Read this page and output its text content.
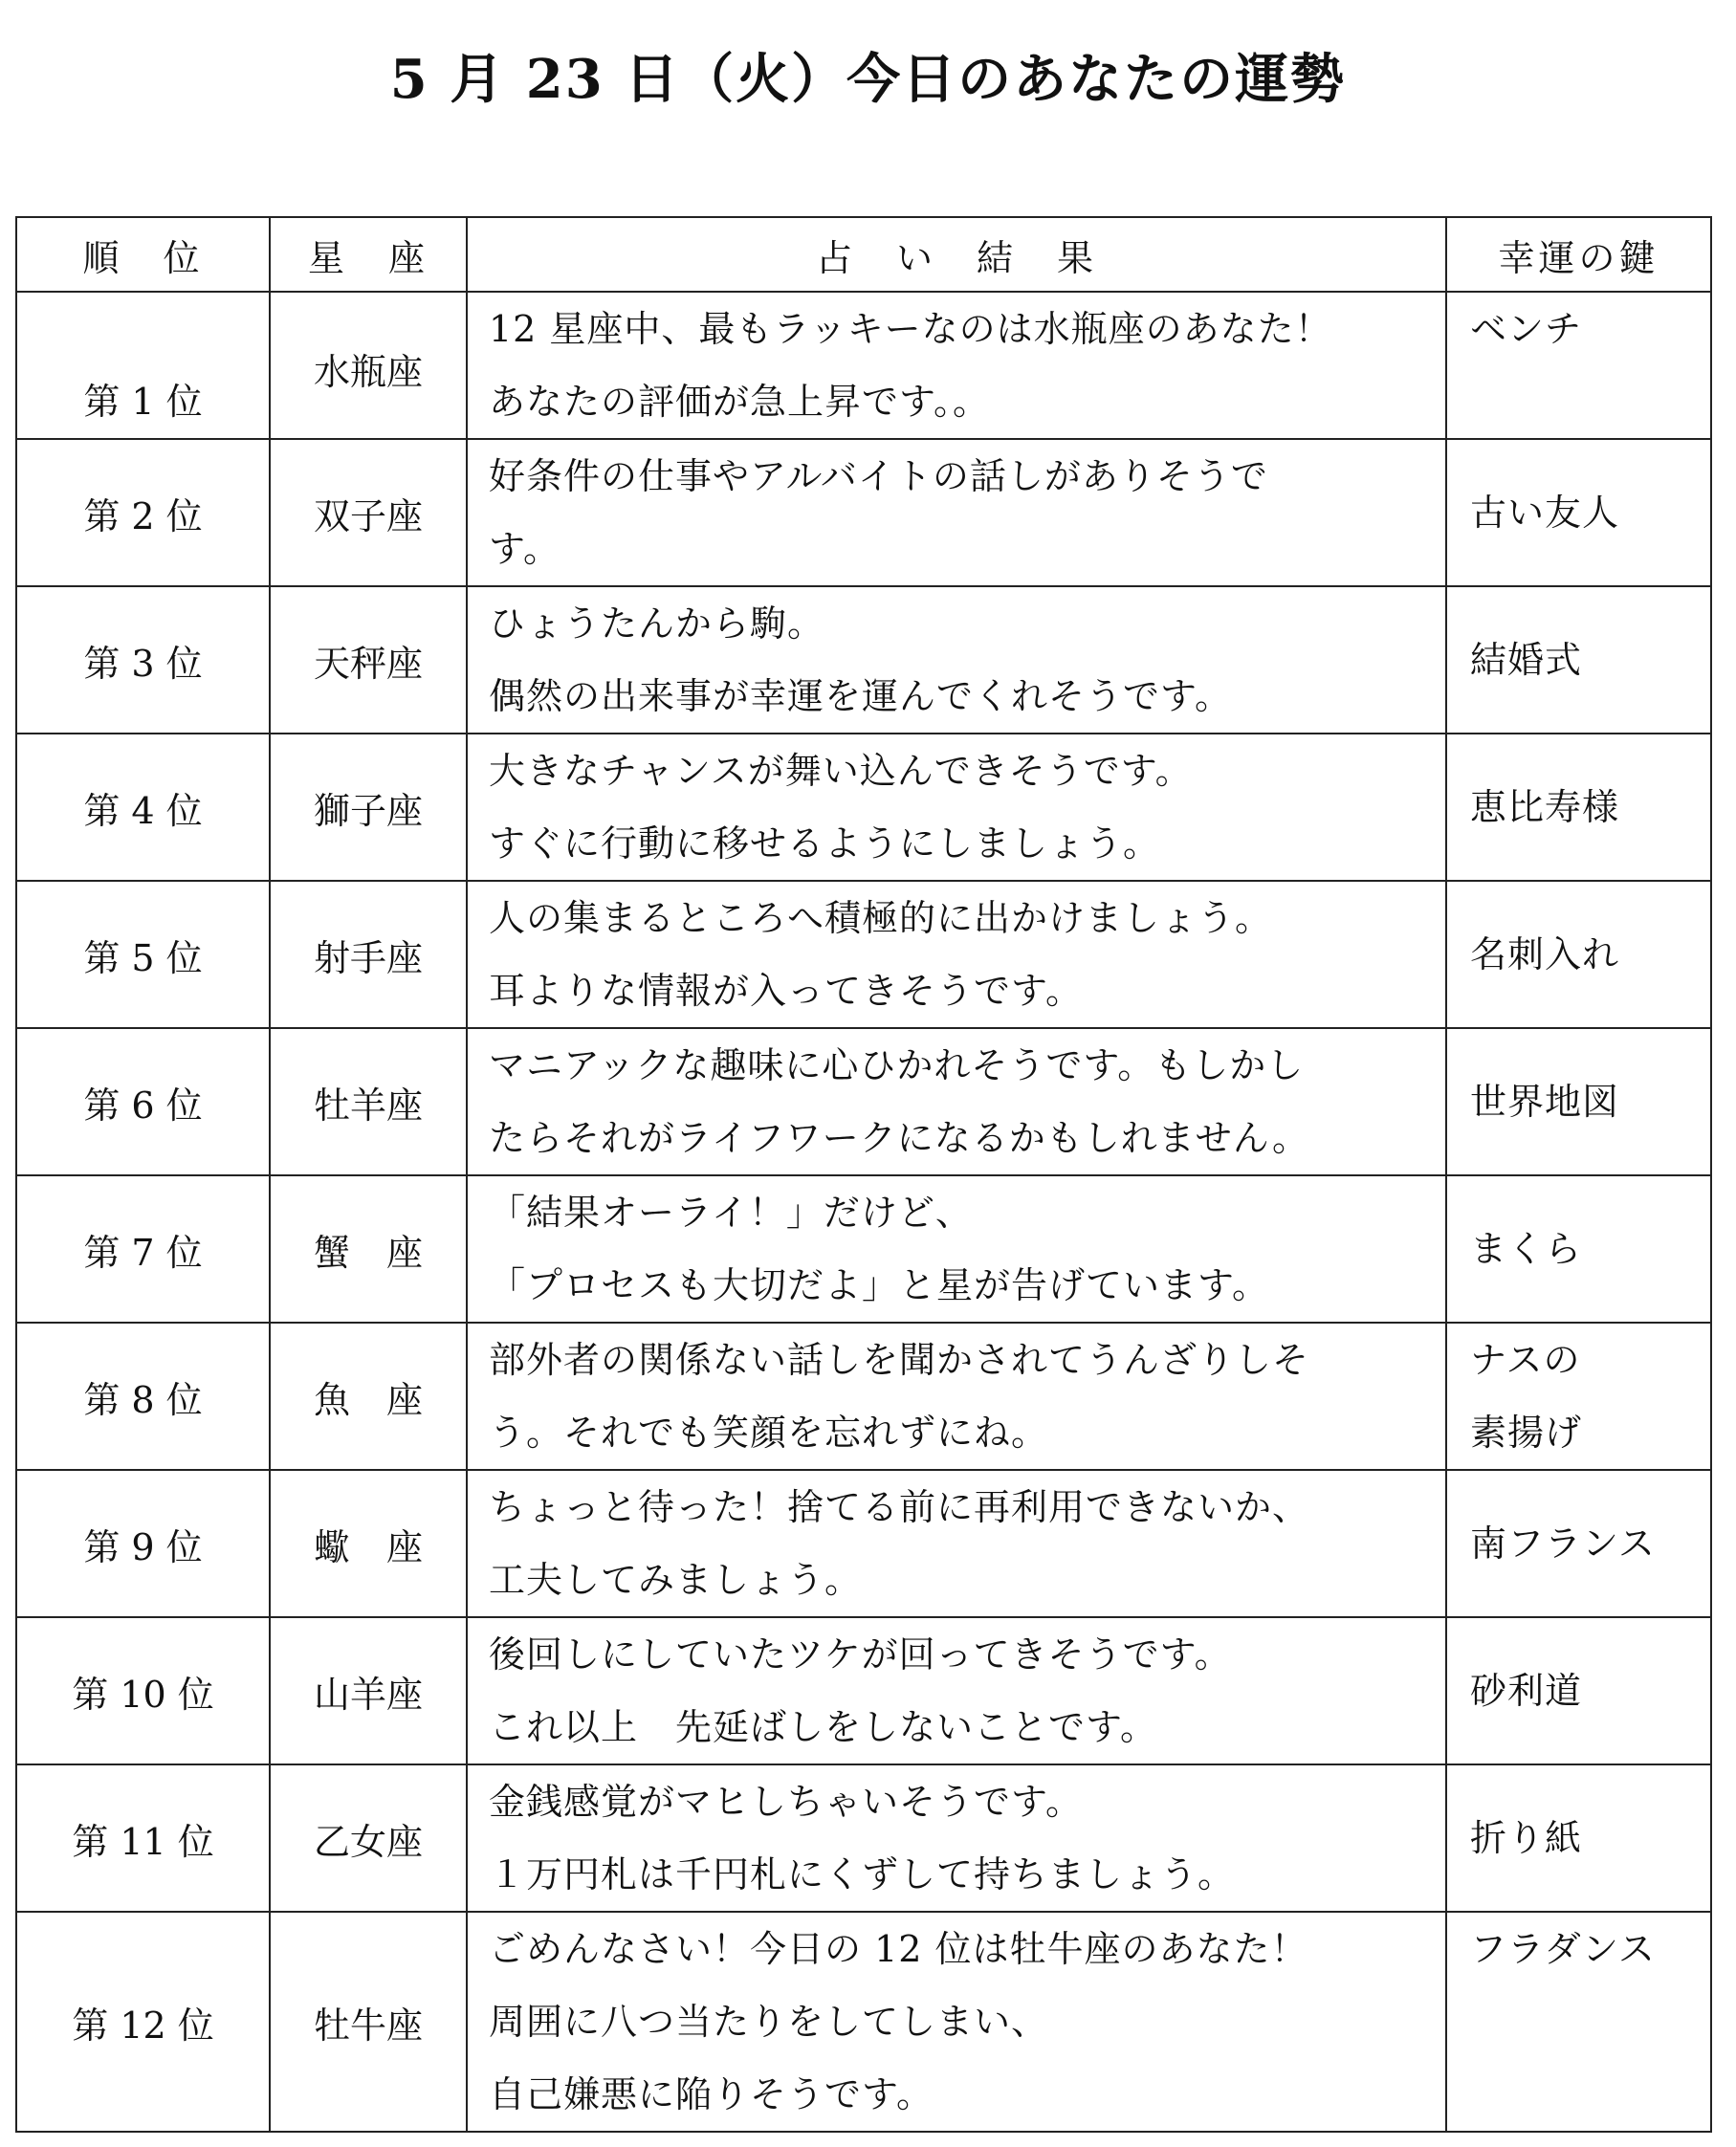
5 月 23 日（火）今日のあなたの運勢
順　位	星　座	占　い　結　果	幸運の鍵
第 1 位	水瓶座	12 星座中、最もラッキーなのは水瓶座のあなた！
あなたの評価が急上昇です。。	ベンチ

第 2 位	双子座	好条件の仕事やアルバイトの話しがありそうで
す。	古い友人

第 3 位	天秤座	ひょうたんから駒。
偶然の出来事が幸運を運んでくれそうです。	結婚式

第 4 位	獅子座	大きなチャンスが舞い込んできそうです。
すぐに行動に移せるようにしましょう。	恵比寿様

第 5 位	射手座	人の集まるところへ積極的に出かけましょう。
耳よりな情報が入ってきそうです。	名刺入れ

第 6 位	牡羊座	マニアックな趣味に心ひかれそうです。もしかし
たらそれがライフワークになるかもしれません。	世界地図

第 7 位	蟹　座	「結果オーライ！」だけど、
「プロセスも大切だよ」と星が告げています。	まくら

第 8 位	魚　座	部外者の関係ない話しを聞かされてうんざりしそ
う。それでも笑顔を忘れずにね。	ナスの
素揚げ

第 9 位	蠍　座	ちょっと待った！捨てる前に再利用できないか、
工夫してみましょう。	南フランス

第 10 位	山羊座	後回しにしていたツケが回ってきそうです。
これ以上　先延ばしをしないことです。	砂利道

第 11 位	乙女座	金銭感覚がマヒしちゃいそうです。
１万円札は千円札にくずして持ちましょう。	折り紙

第 12 位	牡牛座	ごめんなさい！今日の 12 位は牡牛座のあなた！
周囲に八つ当たりをしてしまい、
自己嫌悪に陥りそうです。	フラダンス
